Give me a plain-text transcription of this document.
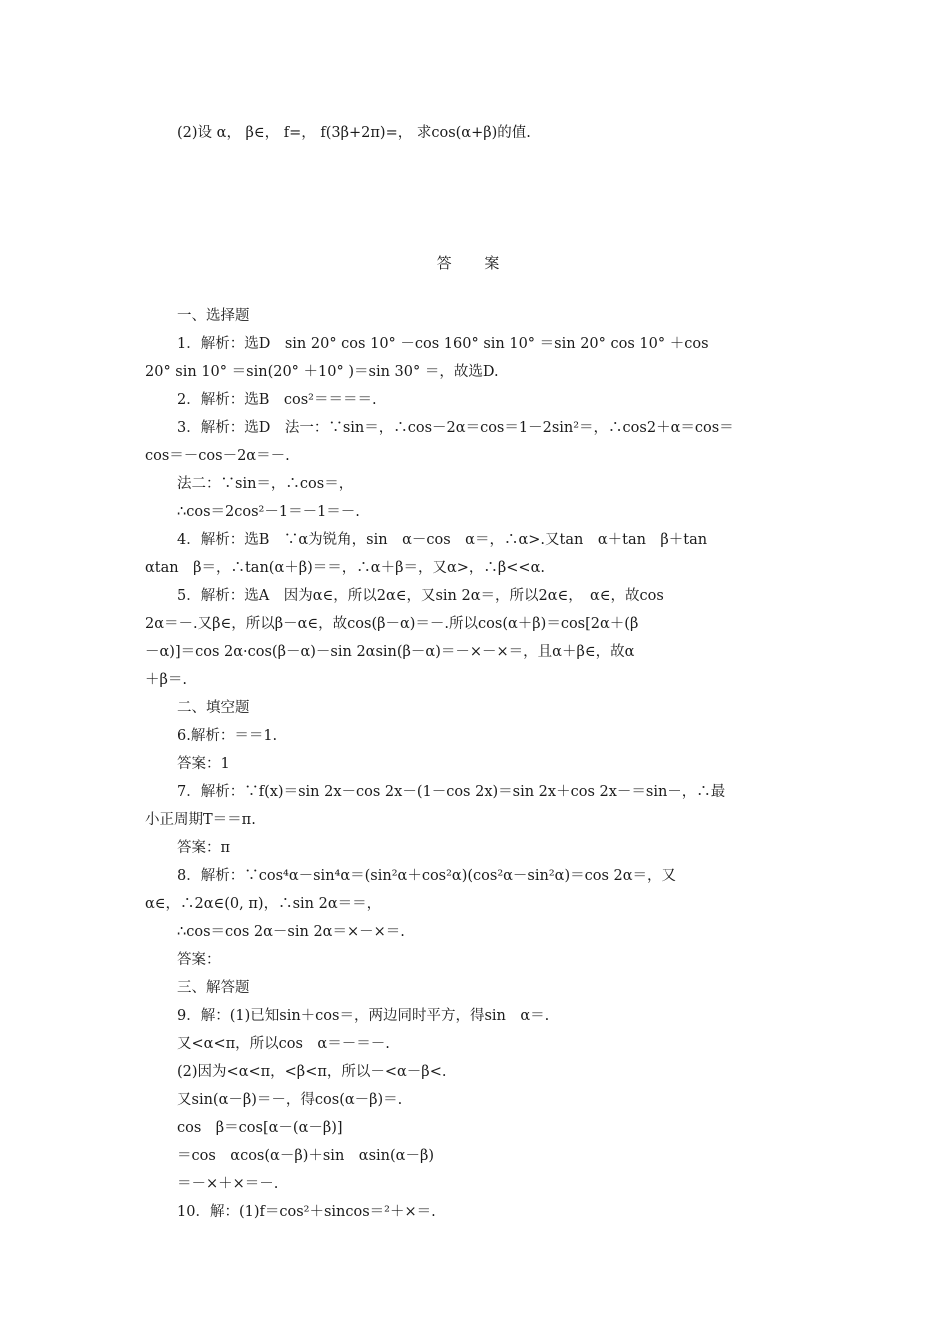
(2)设 α， β∈， f=， f(3β+2π)=， 求cos(α+β)的值.
答 案
一、选择题
1．解析：选D　sin 20° cos 10° －cos 160° sin 10° ＝sin 20° cos 10° ＋cos
20° sin 10° ＝sin(20° ＋10° )＝sin 30° ＝，故选D.
2．解析：选B　cos²＝＝＝＝.
3．解析：选D　法一：∵sin＝，∴cos－2α＝cos＝1－2sin²＝，∴cos2＋α＝cos＝
cos＝－cos－2α＝－.
法二：∵sin＝，∴cos＝，
∴cos＝2cos²－1＝－1＝－.
4．解析：选B　∵α为锐角，sin　α－cos　α＝，∴α>.又tan　α＋tan　β＋tan
αtan　β＝，∴tan(α＋β)＝＝，∴α＋β＝，又α>，∴β<<α.
5．解析：选A　因为α∈，所以2α∈，又sin 2α＝，所以2α∈，　α∈，故cos
2α＝－.又β∈，所以β－α∈，故cos(β－α)＝－.所以cos(α＋β)＝cos[2α＋(β
－α)]＝cos 2α·cos(β－α)－sin 2αsin(β－α)＝－×－×＝，且α＋β∈，故α
＋β＝.
二、填空题
6.解析：＝＝1.
答案：1
7．解析：∵f(x)＝sin 2x－cos 2x－(1－cos 2x)＝sin 2x＋cos 2x－＝sin－，∴最
小正周期T＝＝π.
答案：π
8．解析：∵cos⁴α－sin⁴α＝(sin²α＋cos²α)(cos²α－sin²α)＝cos 2α＝，又
α∈，∴2α∈(0, π)，∴sin 2α＝＝，
∴cos＝cos 2α－sin 2α＝×－×＝.
答案：
三、解答题
9．解：(1)已知sin＋cos＝，两边同时平方，得sin　α＝.
又<α<π，所以cos　α＝－＝－.
(2)因为<α<π，<β<π，所以－<α－β<.
又sin(α－β)＝－，得cos(α－β)＝.
cos　β＝cos[α－(α－β)]
＝cos　αcos(α－β)＋sin　αsin(α－β)
＝－×＋×＝－.
10．解：(1)f＝cos²＋sincos＝²＋×＝.
